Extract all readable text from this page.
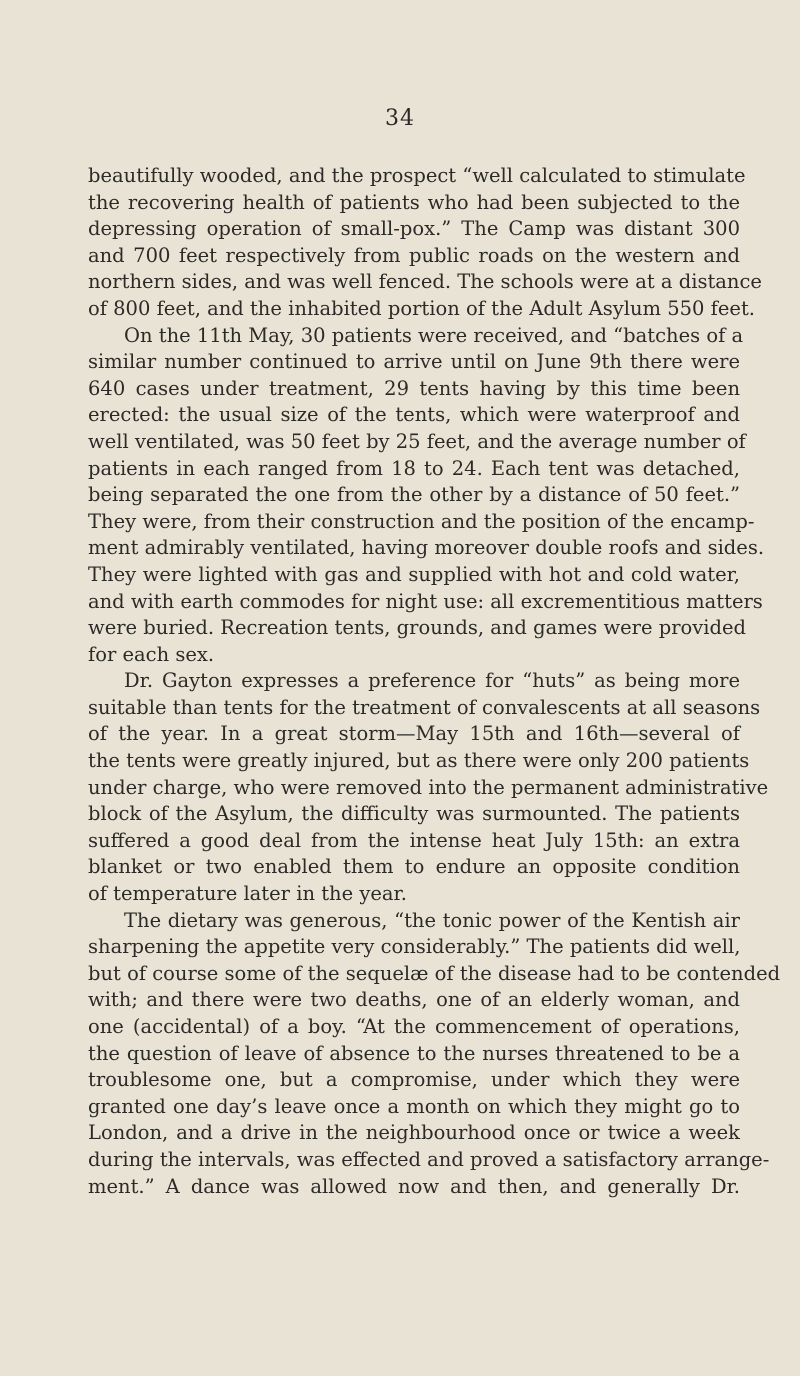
34

beautifully wooded, and the prospect “well calculated to stimulate
the recovering health of patients who had been subjected to the
depressing operation of small-pox.” The Camp was distant 300
and 700 feet respectively from public roads on the western and
northern sides, and was well fenced. The schools were at a distance
of 800 feet, and the inhabited portion of the Adult Asylum 550 feet.

On the 11th May, 30 patients were received, and “batches of a
similar number continued to arrive until on June 9th there were
640 cases under treatment, 29 tents having by this time been
erected: the usual size of the tents, which were waterproof and
well ventilated, was 50 feet by 25 feet, and the average number of
patients in each ranged from 18 to 24. Each tent was detached,
being separated the one from the other by a distance of 50 feet.”
They were, from their construction and the position of the encamp-
ment admirably ventilated, having moreover double roofs and sides.
They were lighted with gas and supplied with hot and cold water,
and with earth commodes for night use: all excrementitious matters
were buried. Recreation tents, grounds, and games were provided
for each sex.

Dr. Gayton expresses a preference for “huts” as being more
suitable than tents for the treatment of convalescents at all seasons
of the year. In a great storm—May 15th and 16th—several of
the tents were greatly injured, but as there were only 200 patients
under charge, who were removed into the permanent administrative
block of the Asylum, the difficulty was surmounted. The patients
suffered a good deal from the intense heat July 15th: an extra
blanket or two enabled them to endure an opposite condition
of temperature later in the year.

The dietary was generous, “the tonic power of the Kentish air
sharpening the appetite very considerably.” The patients did well,
but of course some of the sequelæ of the disease had to be contended
with; and there were two deaths, one of an elderly woman, and
one (accidental) of a boy. “At the commencement of operations,
the question of leave of absence to the nurses threatened to be a
troublesome one, but a compromise, under which they were
granted one day’s leave once a month on which they might go to
London, and a drive in the neighbourhood once or twice a week
during the intervals, was effected and proved a satisfactory arrange-
ment.” A dance was allowed now and then, and generally Dr.
